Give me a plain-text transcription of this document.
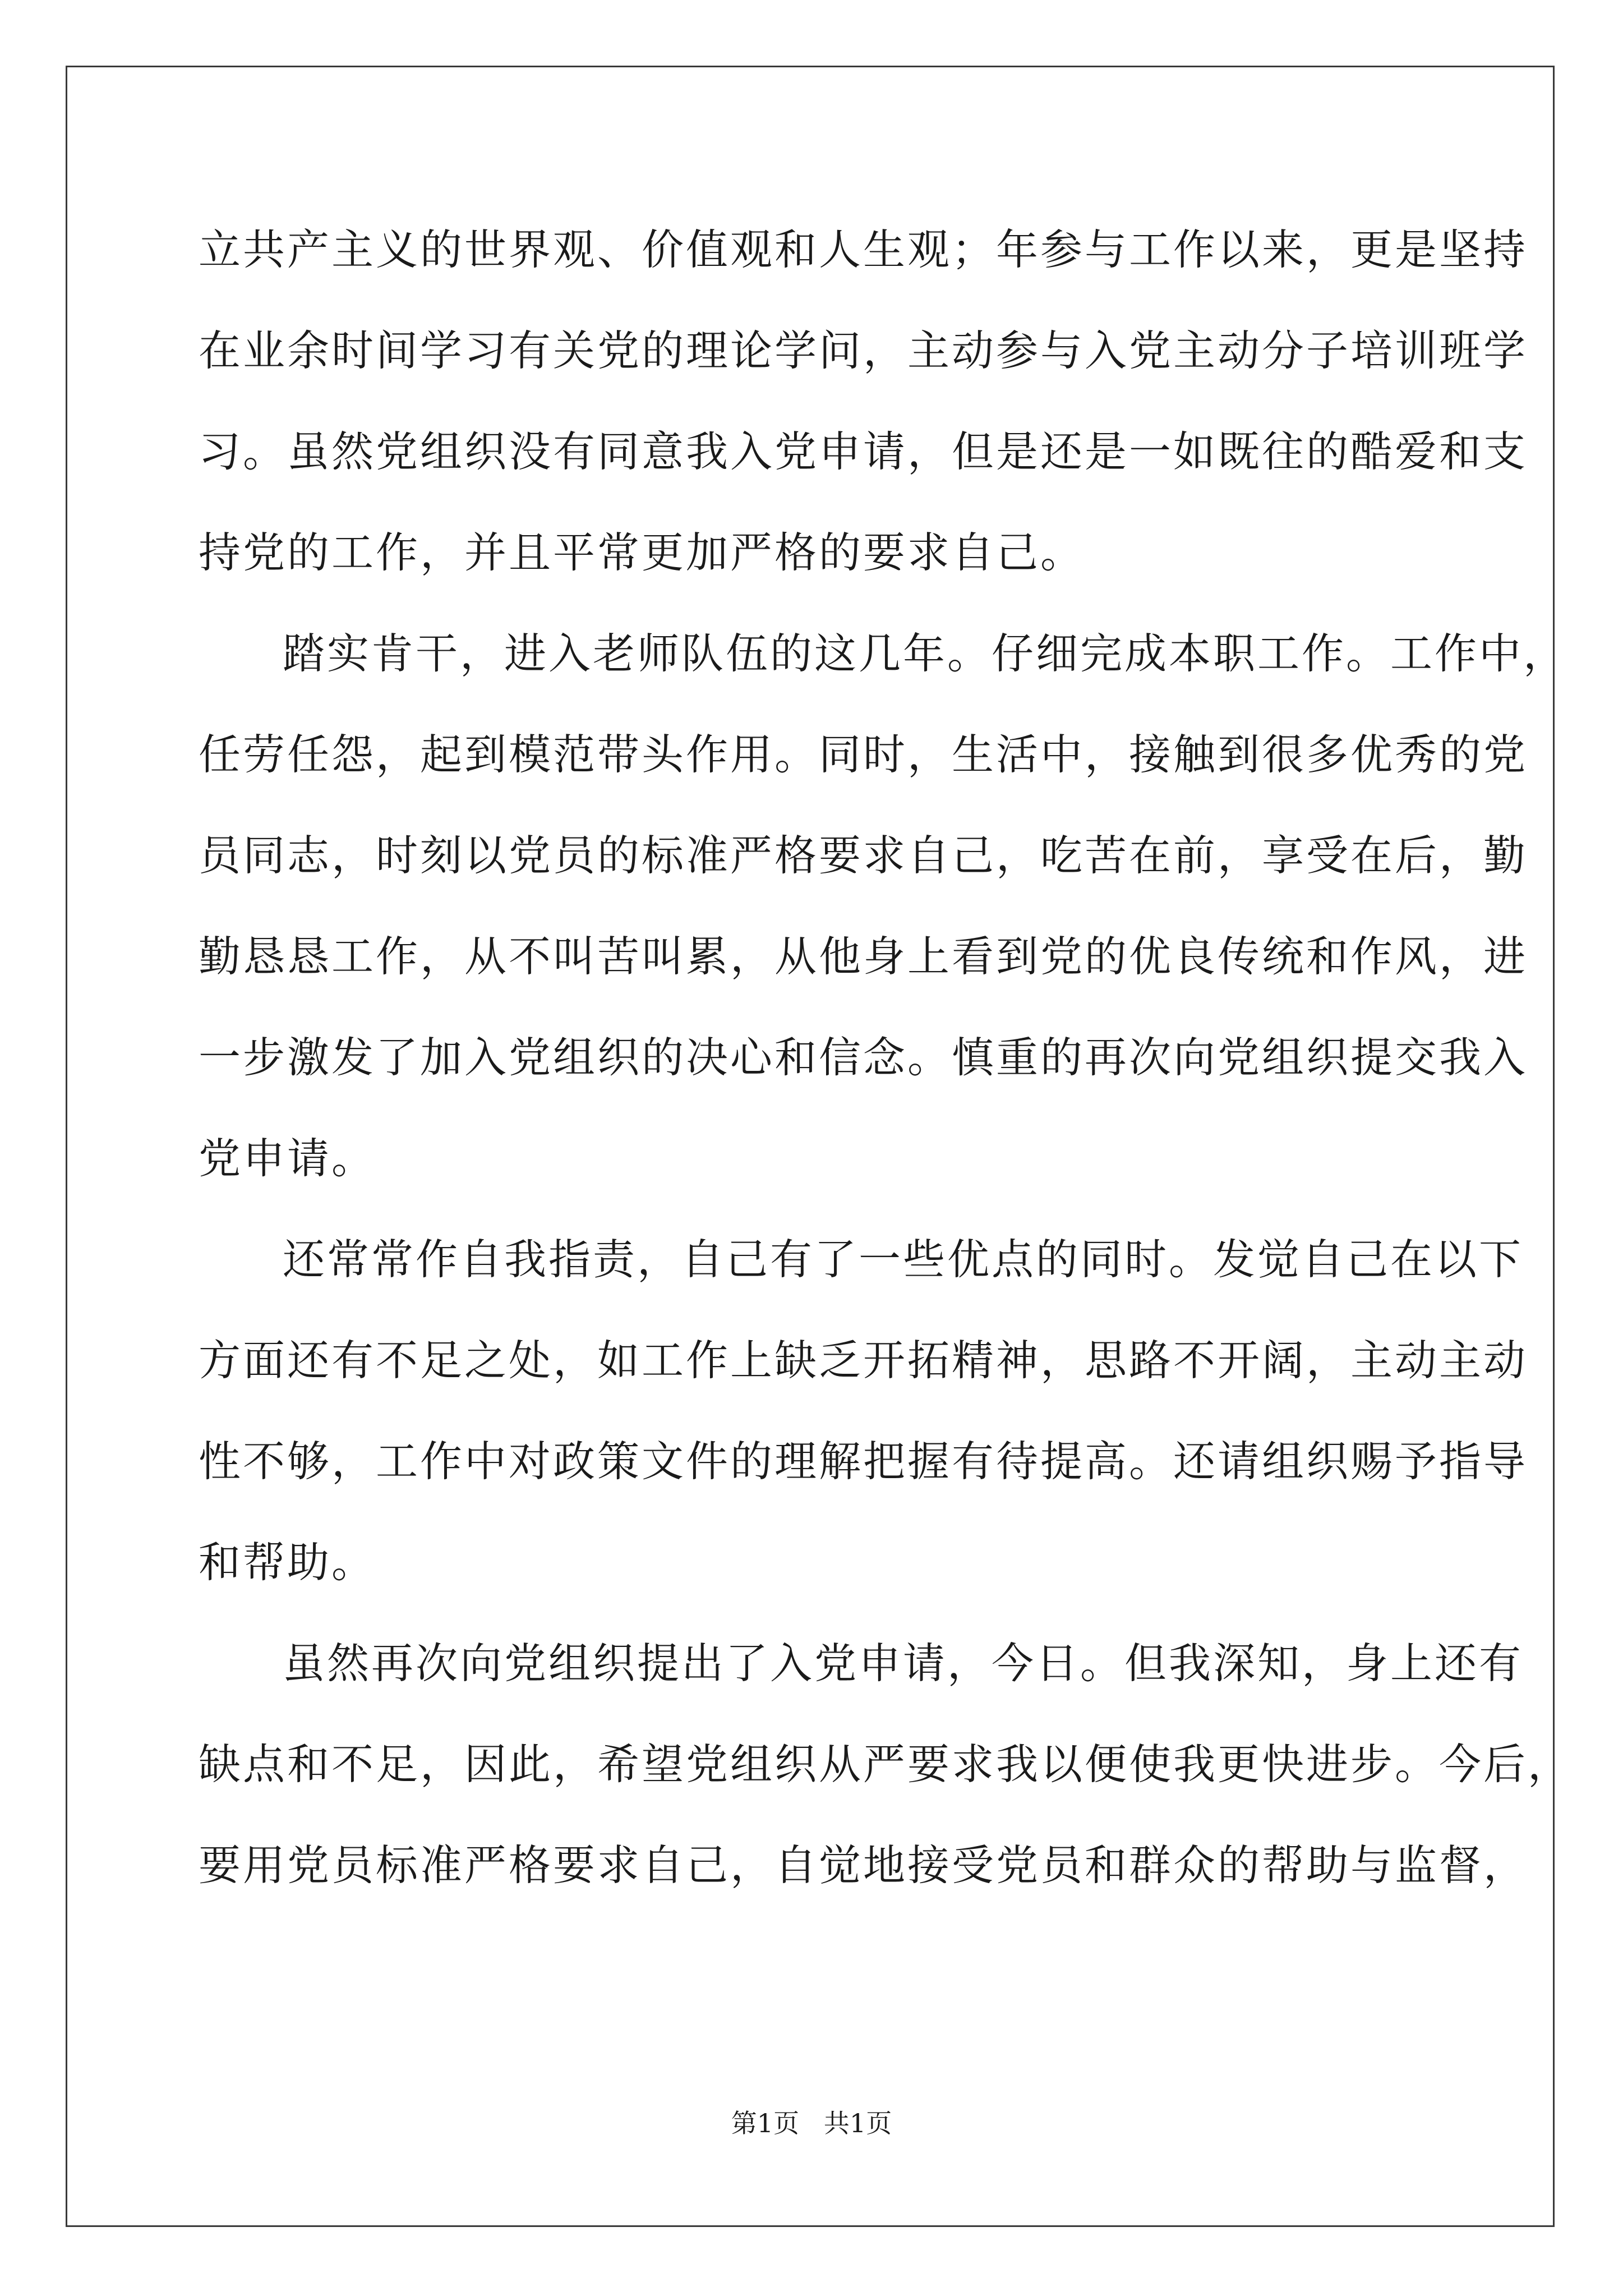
立共产主义的世界观、价值观和人生观；年参与工作以来，更是坚持
在业余时间学习有关党的理论学问，主动参与入党主动分子培训班学
习。虽然党组织没有同意我入党申请，但是还是一如既往的酷爱和支
持党的工作，并且平常更加严格的要求自己。
踏实肯干，进入老师队伍的这几年。仔细完成本职工作。工作中，
任劳任怨，起到模范带头作用。同时，生活中，接触到很多优秀的党
员同志，时刻以党员的标准严格要求自己，吃苦在前，享受在后，勤
勤恳恳工作，从不叫苦叫累，从他身上看到党的优良传统和作风，进
一步激发了加入党组织的决心和信念。慎重的再次向党组织提交我入
党申请。
还常常作自我指责，自己有了一些优点的同时。发觉自己在以下
方面还有不足之处，如工作上缺乏开拓精神，思路不开阔，主动主动
性不够，工作中对政策文件的理解把握有待提高。还请组织赐予指导
和帮助。
虽然再次向党组织提出了入党申请，今日。但我深知，身上还有
缺点和不足，因此，希望党组织从严要求我以便使我更快进步。今后，
要用党员标准严格要求自己，自觉地接受党员和群众的帮助与监督，
第1页   共1页
